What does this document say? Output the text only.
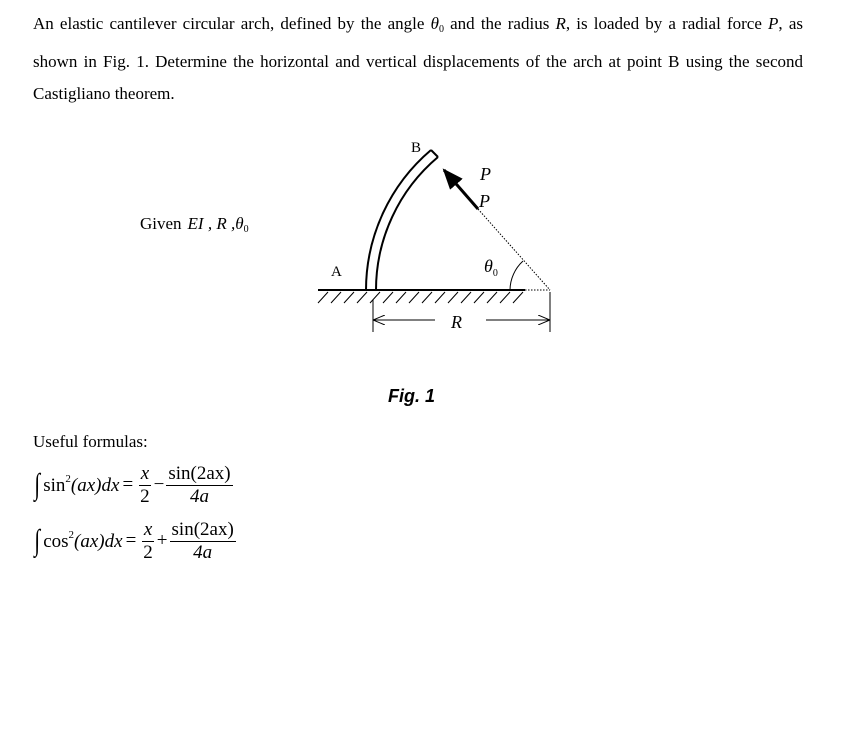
An elastic cantilever circular arch, defined by the angle $\theta_0$ and the radius R, is loaded by a radial force P, as shown in Fig. 1. Determine the horizontal and vertical displacements of the arch at point B using the second Castigliano theorem.

Given EI , R $,\theta_0$
B
A
P
P
$\theta_0$
R
Fig. 1
Useful formulas:
∫ $\sin^2(ax)dx = \frac{x}{2} - \frac{\sin(2ax)}{4a}$
∫ $\cos^2(ax)dx = \frac{x}{2} + \frac{\sin(2ax)}{4a}$
